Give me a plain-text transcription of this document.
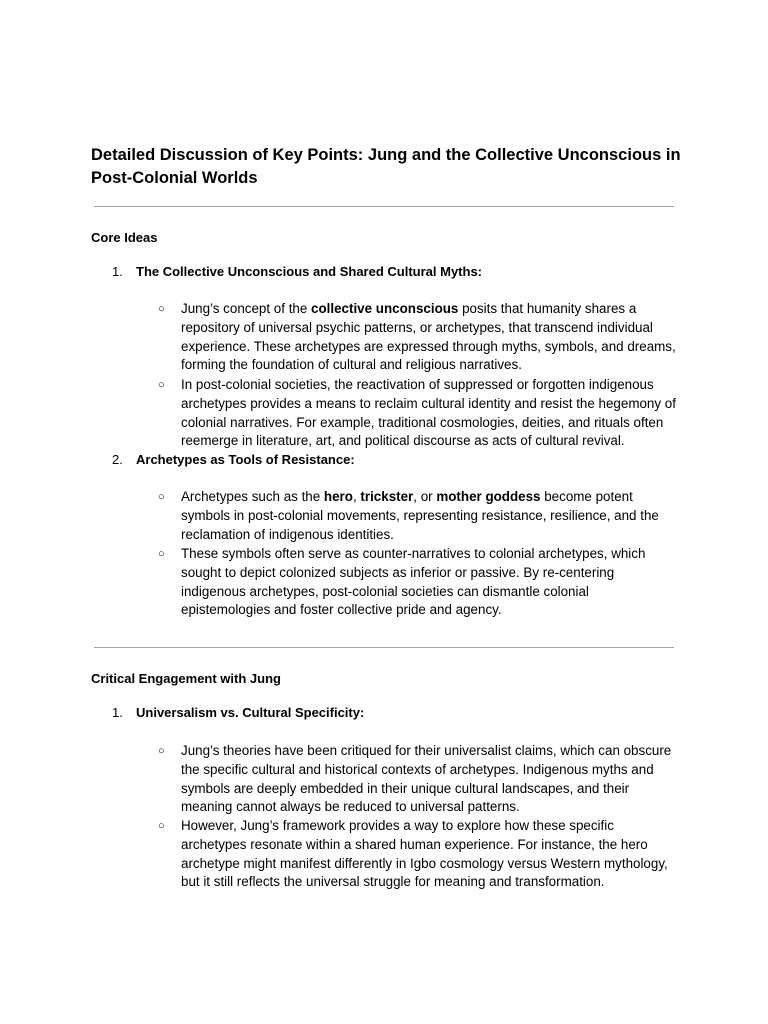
Detailed Discussion of Key Points: Jung and the Collective Unconscious in Post-Colonial Worlds
Core Ideas
1. The Collective Unconscious and Shared Cultural Myths:
○ Jung’s concept of the collective unconscious posits that humanity shares a repository of universal psychic patterns, or archetypes, that transcend individual experience. These archetypes are expressed through myths, symbols, and dreams, forming the foundation of cultural and religious narratives.

○ In post-colonial societies, the reactivation of suppressed or forgotten indigenous archetypes provides a means to reclaim cultural identity and resist the hegemony of colonial narratives. For example, traditional cosmologies, deities, and rituals often reemerge in literature, art, and political discourse as acts of cultural revival.

2. Archetypes as Tools of Resistance:
○ Archetypes such as the hero, trickster, or mother goddess become potent symbols in post-colonial movements, representing resistance, resilience, and the reclamation of indigenous identities.

○ These symbols often serve as counter-narratives to colonial archetypes, which sought to depict colonized subjects as inferior or passive. By re-centering indigenous archetypes, post-colonial societies can dismantle colonial epistemologies and foster collective pride and agency.

Critical Engagement with Jung
1. Universalism vs. Cultural Specificity:
○ Jung’s theories have been critiqued for their universalist claims, which can obscure the specific cultural and historical contexts of archetypes. Indigenous myths and symbols are deeply embedded in their unique cultural landscapes, and their meaning cannot always be reduced to universal patterns.

○ However, Jung’s framework provides a way to explore how these specific archetypes resonate within a shared human experience. For instance, the hero archetype might manifest differently in Igbo cosmology versus Western mythology, but it still reflects the universal struggle for meaning and transformation.
